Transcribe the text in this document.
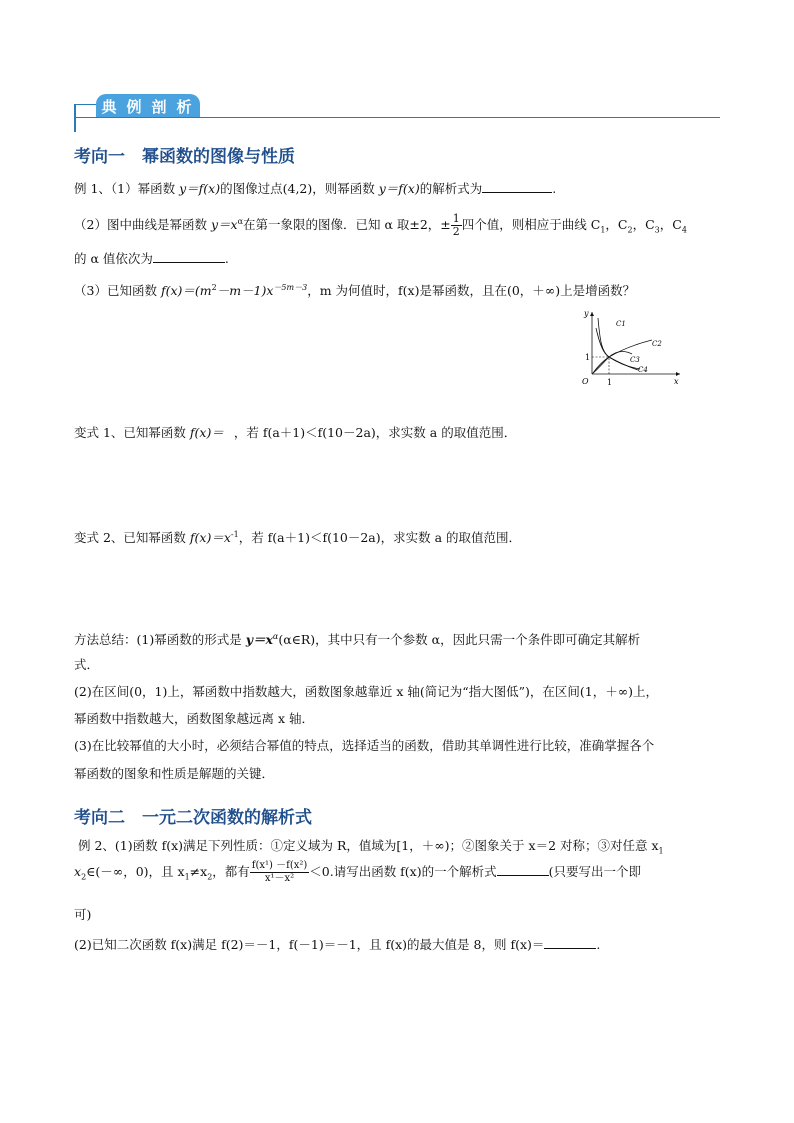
典 例 剖 析
考向一　幂函数的图像与性质
例 1、（1）幂函数 y＝f(x)的图像过点(4,2)，则幂函数 y＝f(x)的解析式为	.
（2）图中曲线是幂函数 $y=x^\alpha$在第一象限的图像．已知 α 取±2，± $\frac{1}{2}$ 四个值，则相应于曲线 $C_1$，$C_2$，$C_3$，$C_4$
的 α 值依次为	.
（3）已知函数 $f(x)=(m^2-m-1)x^{-5m-3}$，m 为何值时，f(x)是幂函数，且在(0，＋∞)上是增函数？
y
x
O 1
1
C1
C2
C3
C4
变式 1、已知幂函数 f(x)＝ ，若 f(a＋1)＜f(10－2a)，求实数 a 的取值范围．
变式 2、已知幂函数 $f(x)=x^{-1}$，若 f(a＋1)＜f(10－2a)，求实数 a 的取值范围．
方法总结：(1)幂函数的形式是 $y=x^\alpha(\alpha\in R)$，其中只有一个参数 α，因此只需一个条件即可确定其解析
式．
(2)在区间(0，1)上，幂函数中指数越大，函数图象越靠近 x 轴(简记为“指大图低”)，在区间(1，＋∞)上，
幂函数中指数越大，函数图象越远离 x 轴．
(3)在比较幂值的大小时，必须结合幂值的特点，选择适当的函数，借助其单调性进行比较，准确掌握各个
幂函数的图象和性质是解题的关键．
考向二　一元二次函数的解析式
例 2、(1)函数 f(x)满足下列性质：①定义域为 R，值域为[1，＋∞)；②图象关于 x＝2 对称；③对任意 $x_1$
$x_2\in(-\infty$，0)，且 $x_1\ne x_2$，都有 $\frac{\text{f(x¹) －f(x²)}}{\text{x¹－x²}} <0$.请写出函数 f(x)的一个解析式	(只要写出一个即
可)
(2)已知二次函数 f(x)满足 f(2)＝－1，f(－1)＝－1，且 f(x)的最大值是 8，则 f(x)＝	.
